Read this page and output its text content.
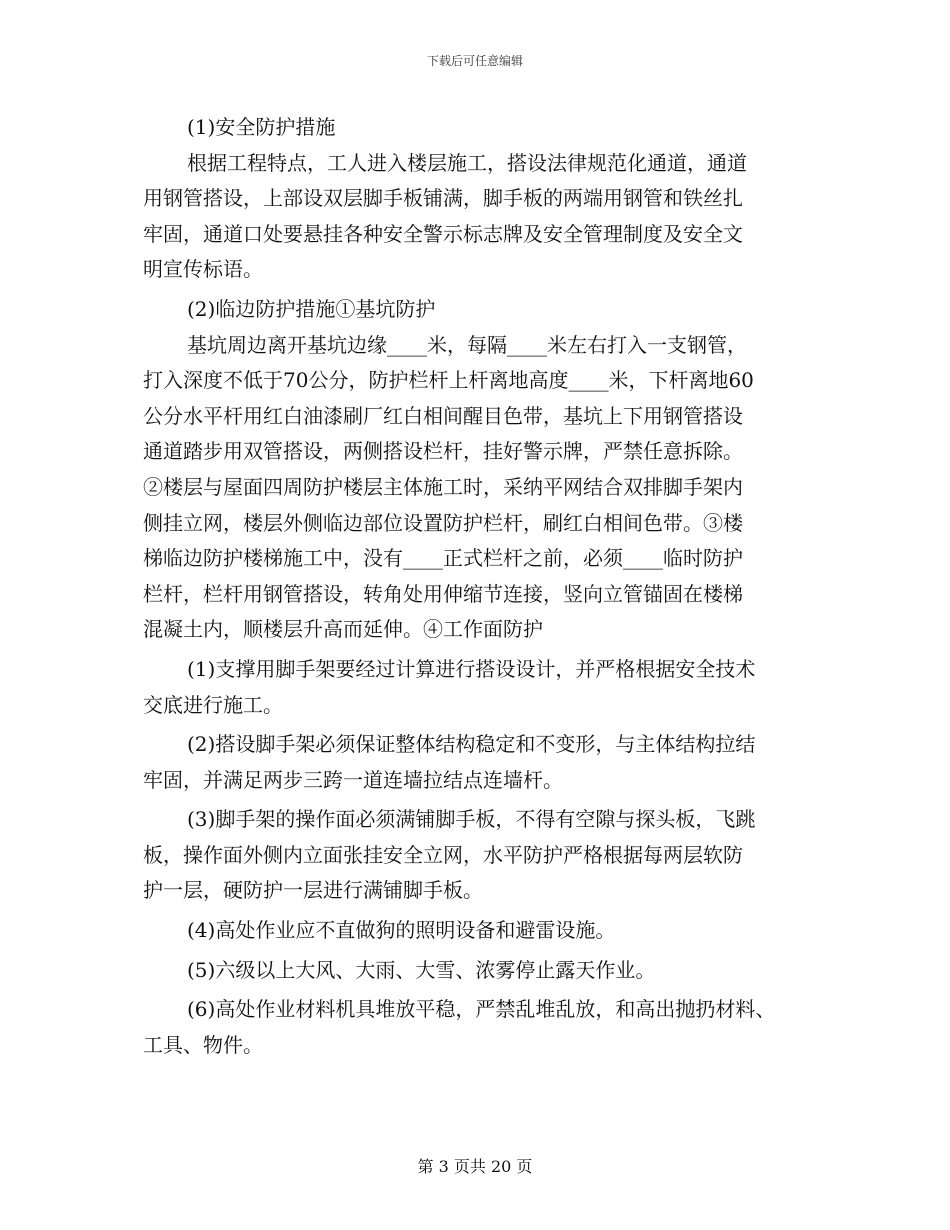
下载后可任意编辑

(1)安全防护措施

根据工程特点，工人进入楼层施工，搭设法律规范化通道，通道

用钢管搭设，上部设双层脚手板铺满，脚手板的两端用钢管和铁丝扎

牢固，通道口处要悬挂各种安全警示标志牌及安全管理制度及安全文

明宣传标语。

(2)临边防护措施①基坑防护

基坑周边离开基坑边缘____米，每隔____米左右打入一支钢管，

打入深度不低于70公分，防护栏杆上杆离地高度____米，下杆离地60

公分水平杆用红白油漆刷厂红白相间醒目色带，基坑上下用钢管搭设

通道踏步用双管搭设，两侧搭设栏杆，挂好警示牌，严禁任意拆除。

②楼层与屋面四周防护楼层主体施工时，采纳平网结合双排脚手架内

侧挂立网，楼层外侧临边部位设置防护栏杆，刷红白相间色带。③楼

梯临边防护楼梯施工中，没有____正式栏杆之前，必须____临时防护

栏杆，栏杆用钢管搭设，转角处用伸缩节连接，竖向立管锚固在楼梯

混凝土内，顺楼层升高而延伸。④工作面防护

(1)支撑用脚手架要经过计算进行搭设设计，并严格根据安全技术

交底进行施工。

(2)搭设脚手架必须保证整体结构稳定和不变形，与主体结构拉结

牢固，并满足两步三跨一道连墙拉结点连墙杆。

(3)脚手架的操作面必须满铺脚手板，不得有空隙与探头板，飞跳

板，操作面外侧内立面张挂安全立网，水平防护严格根据每两层软防

护一层，硬防护一层进行满铺脚手板。

(4)高处作业应不直做狗的照明设备和避雷设施。

(5)六级以上大风、大雨、大雪、浓雾停止露天作业。

(6)高处作业材料机具堆放平稳，严禁乱堆乱放，和高出抛扔材料、

工具、物件。

第 3 页共 20 页
